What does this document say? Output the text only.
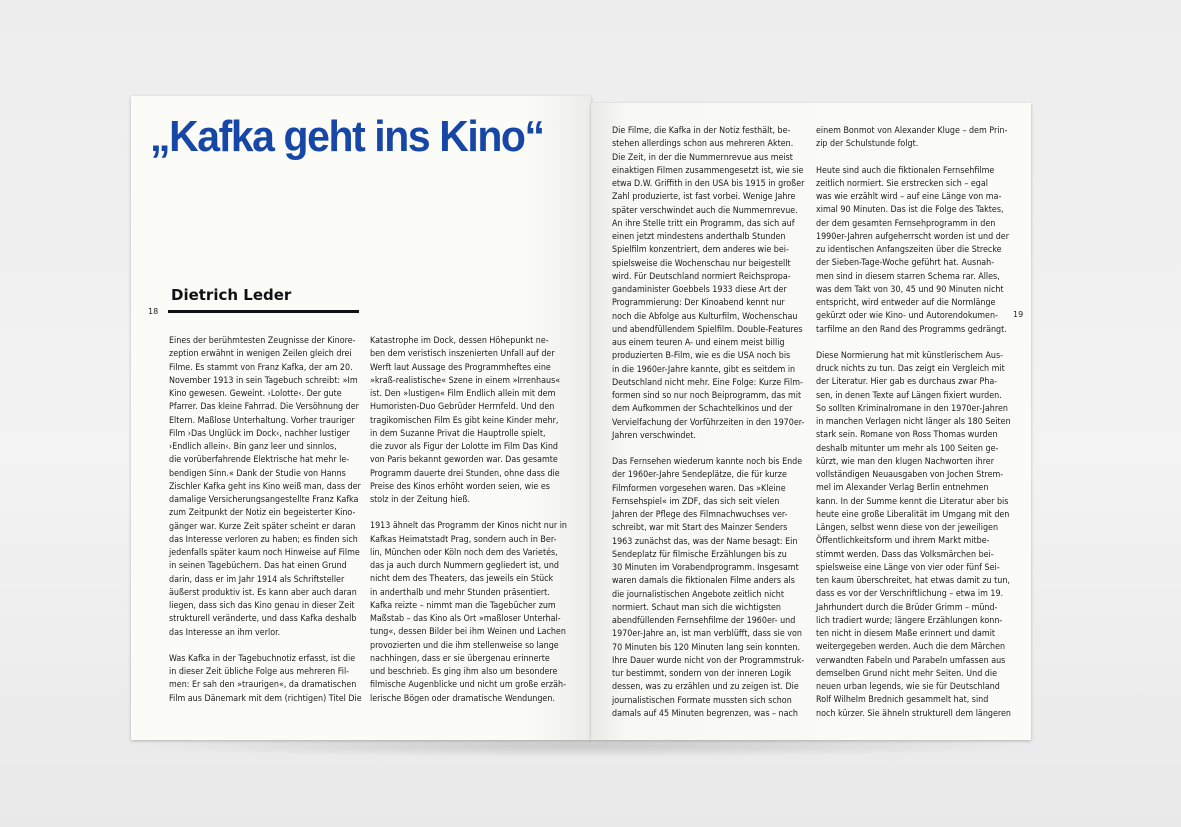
„Kafka geht ins Kino“
18
Dietrich Leder
19

Eines der berühmtesten Zeugnisse der Kinore-
zeption erwähnt in wenigen Zeilen gleich drei
Filme. Es stammt von Franz Kafka, der am 20.
November 1913 in sein Tagebuch schreibt: »Im
Kino gewesen. Geweint. ›Lolotte‹. Der gute
Pfarrer. Das kleine Fahrrad. Die Versöhnung der
Eltern. Maßlose Unterhaltung. Vorher trauriger
Film ›Das Unglück im Dock‹, nachher lustiger
›Endlich allein‹. Bin ganz leer und sinnlos,
die vorüberfahrende Elektrische hat mehr le-
bendigen Sinn.« Dank der Studie von Hanns
Zischler Kafka geht ins Kino weiß man, dass der
damalige Versicherungsangestellte Franz Kafka
zum Zeitpunkt der Notiz ein begeisterter Kino-
gänger war. Kurze Zeit später scheint er daran
das Interesse verloren zu haben; es finden sich
jedenfalls später kaum noch Hinweise auf Filme
in seinen Tagebüchern. Das hat einen Grund
darin, dass er im Jahr 1914 als Schriftsteller
äußerst produktiv ist. Es kann aber auch daran
liegen, dass sich das Kino genau in dieser Zeit
strukturell veränderte, und dass Kafka deshalb
das Interesse an ihm verlor.

Was Kafka in der Tagebuchnotiz erfasst, ist die
in dieser Zeit übliche Folge aus mehreren Fil-
men: Er sah den »traurigen«, da dramatischen
Film aus Dänemark mit dem (richtigen) Titel Die

Katastrophe im Dock, dessen Höhepunkt ne-
ben dem veristisch inszenierten Unfall auf der
Werft laut Aussage des Programmheftes eine
»kraß-realistische« Szene in einem »Irrenhaus«
ist. Den »lustigen« Film Endlich allein mit dem
Humoristen-Duo Gebrüder Herrnfeld. Und den
tragikomischen Film Es gibt keine Kinder mehr,
in dem Suzanne Privat die Hauptrolle spielt,
die zuvor als Figur der Lolotte im Film Das Kind
von Paris bekannt geworden war. Das gesamte
Programm dauerte drei Stunden, ohne dass die
Preise des Kinos erhöht worden seien, wie es
stolz in der Zeitung hieß.

1913 ähnelt das Programm der Kinos nicht nur in
Kafkas Heimatstadt Prag, sondern auch in Ber-
lin, München oder Köln noch dem des Varietés,
das ja auch durch Nummern gegliedert ist, und
nicht dem des Theaters, das jeweils ein Stück
in anderthalb und mehr Stunden präsentiert.
Kafka reizte – nimmt man die Tagebücher zum
Maßstab – das Kino als Ort »maßloser Unterhal-
tung«, dessen Bilder bei ihm Weinen und Lachen
provozierten und die ihm stellenweise so lange
nachhingen, dass er sie übergenau erinnerte
und beschrieb. Es ging ihm also um besondere
filmische Augenblicke und nicht um große erzäh-
lerische Bögen oder dramatische Wendungen.

Die Filme, die Kafka in der Notiz festhält, be-
stehen allerdings schon aus mehreren Akten.
Die Zeit, in der die Nummernrevue aus meist
einaktigen Filmen zusammengesetzt ist, wie sie
etwa D.W. Griffith in den USA bis 1915 in großer
Zahl produzierte, ist fast vorbei. Wenige Jahre
später verschwindet auch die Nummernrevue.
An ihre Stelle tritt ein Programm, das sich auf
einen jetzt mindestens anderthalb Stunden
Spielfilm konzentriert, dem anderes wie bei-
spielsweise die Wochenschau nur beigestellt
wird. Für Deutschland normiert Reichspropa-
gandaminister Goebbels 1933 diese Art der
Programmierung: Der Kinoabend kennt nur
noch die Abfolge aus Kulturfilm, Wochenschau
und abendfüllendem Spielfilm. Double-Features
aus einem teuren A- und einem meist billig
produzierten B-Film, wie es die USA noch bis
in die 1960er-Jahre kannte, gibt es seitdem in
Deutschland nicht mehr. Eine Folge: Kurze Film-
formen sind so nur noch Beiprogramm, das mit
dem Aufkommen der Schachtelkinos und der
Vervielfachung der Vorführzeiten in den 1970er-
Jahren verschwindet.

Das Fernsehen wiederum kannte noch bis Ende
der 1960er-Jahre Sendeplätze, die für kurze
Filmformen vorgesehen waren. Das »Kleine
Fernsehspiel« im ZDF, das sich seit vielen
Jahren der Pflege des Filmnachwuchses ver-
schreibt, war mit Start des Mainzer Senders
1963 zunächst das, was der Name besagt: Ein
Sendeplatz für filmische Erzählungen bis zu
30 Minuten im Vorabendprogramm. Insgesamt
waren damals die fiktionalen Filme anders als
die journalistischen Angebote zeitlich nicht
normiert. Schaut man sich die wichtigsten
abendfüllenden Fernsehfilme der 1960er- und
1970er-Jahre an, ist man verblüfft, dass sie von
70 Minuten bis 120 Minuten lang sein konnten.
Ihre Dauer wurde nicht von der Programmstruk-
tur bestimmt, sondern von der inneren Logik
dessen, was zu erzählen und zu zeigen ist. Die
journalistischen Formate mussten sich schon
damals auf 45 Minuten begrenzen, was – nach

einem Bonmot von Alexander Kluge – dem Prin-
zip der Schulstunde folgt.

Heute sind auch die fiktionalen Fernsehfilme
zeitlich normiert. Sie erstrecken sich – egal
was wie erzählt wird – auf eine Länge von ma-
ximal 90 Minuten. Das ist die Folge des Taktes,
der dem gesamten Fernsehprogramm in den
1990er-Jahren aufgeherrscht worden ist und der
zu identischen Anfangszeiten über die Strecke
der Sieben-Tage-Woche geführt hat. Ausnah-
men sind in diesem starren Schema rar. Alles,
was dem Takt von 30, 45 und 90 Minuten nicht
entspricht, wird entweder auf die Normlänge
gekürzt oder wie Kino- und Autorendokumen-
tarfilme an den Rand des Programms gedrängt.

Diese Normierung hat mit künstlerischem Aus-
druck nichts zu tun. Das zeigt ein Vergleich mit
der Literatur. Hier gab es durchaus zwar Pha-
sen, in denen Texte auf Längen fixiert wurden.
So sollten Kriminalromane in den 1970er-Jahren
in manchen Verlagen nicht länger als 180 Seiten
stark sein. Romane von Ross Thomas wurden
deshalb mitunter um mehr als 100 Seiten ge-
kürzt, wie man den klugen Nachworten ihrer
vollständigen Neuausgaben von Jochen Strem-
mel im Alexander Verlag Berlin entnehmen
kann. In der Summe kennt die Literatur aber bis
heute eine große Liberalität im Umgang mit den
Längen, selbst wenn diese von der jeweiligen
Öffentlichkeitsform und ihrem Markt mitbe-
stimmt werden. Dass das Volksmärchen bei-
spielsweise eine Länge von vier oder fünf Sei-
ten kaum überschreitet, hat etwas damit zu tun,
dass es vor der Verschriftlichung – etwa im 19.
Jahrhundert durch die Brüder Grimm – münd-
lich tradiert wurde; längere Erzählungen konn-
ten nicht in diesem Maße erinnert und damit
weitergegeben werden. Auch die dem Märchen
verwandten Fabeln und Parabeln umfassen aus
demselben Grund nicht mehr Seiten. Und die
neuen urban legends, wie sie für Deutschland
Rolf Wilhelm Brednich gesammelt hat, sind
noch kürzer. Sie ähneln strukturell dem längeren
